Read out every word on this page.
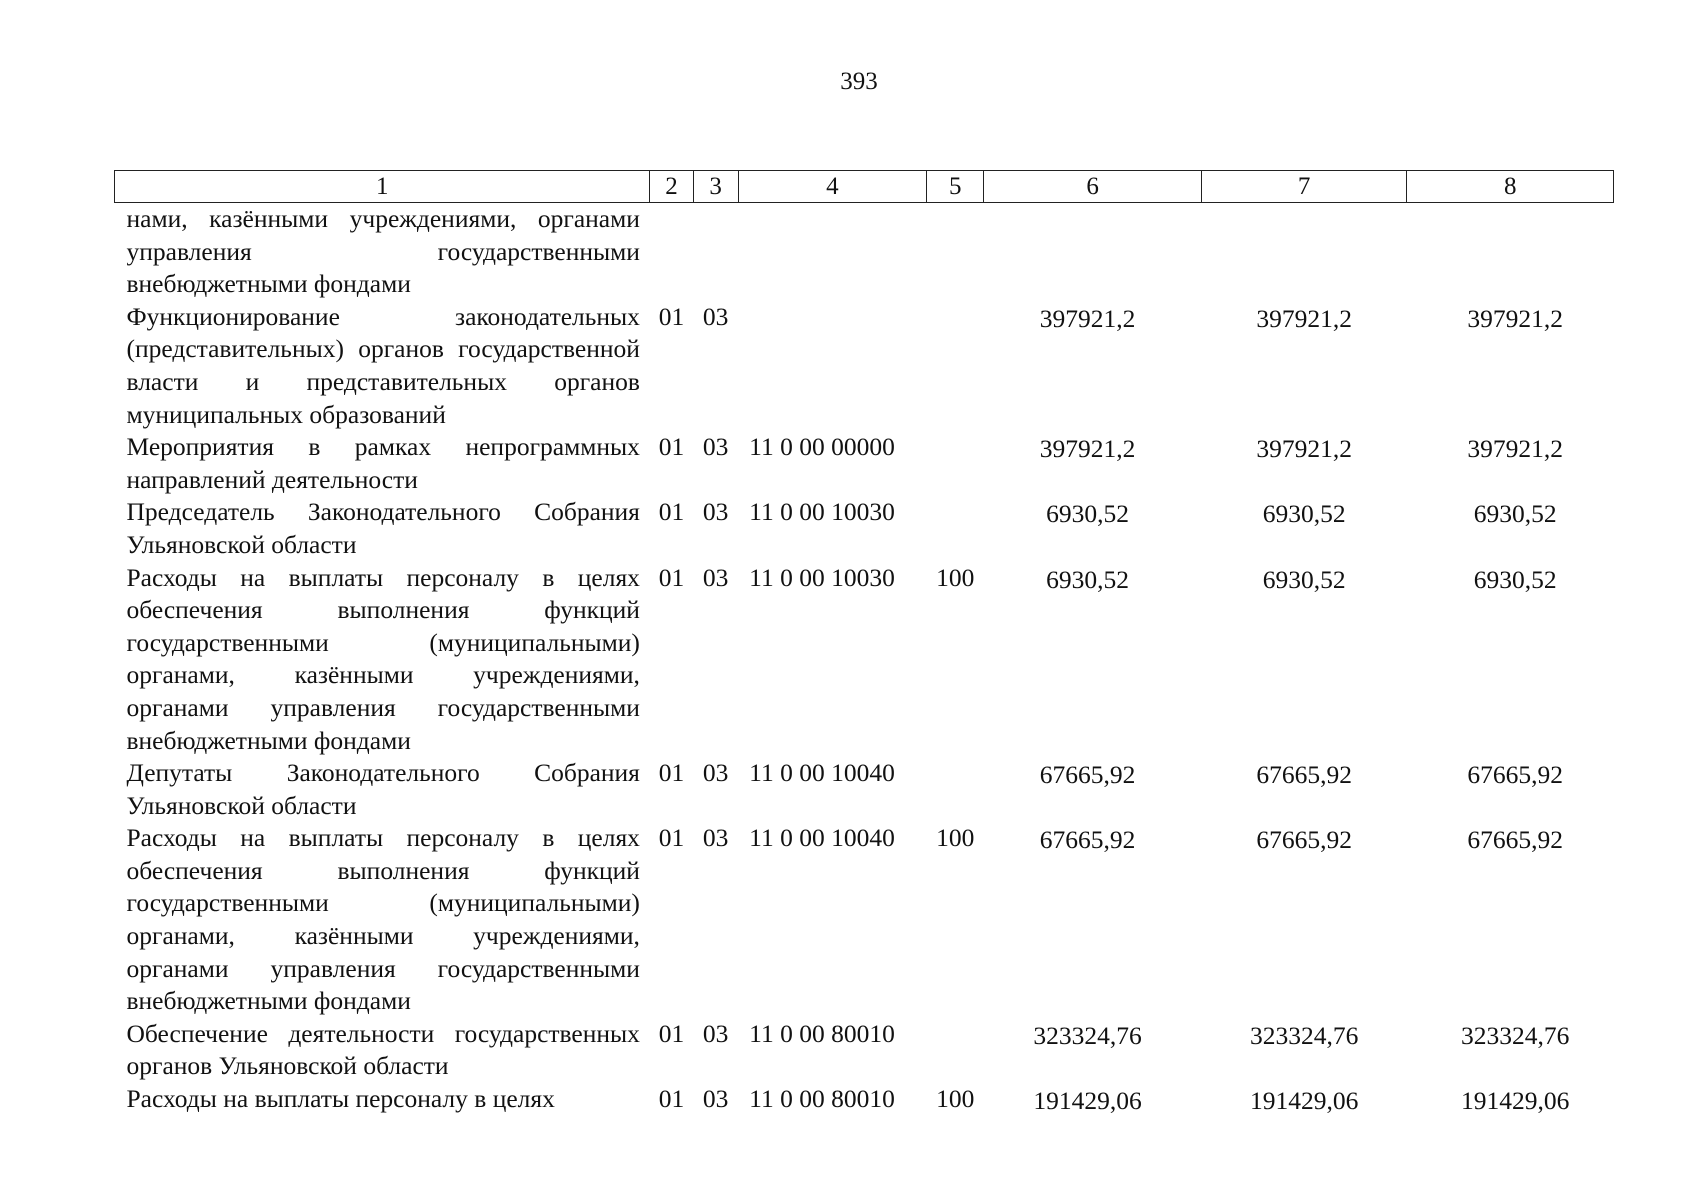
393
1	2	3	4	5	6	7	8
нами, казёнными учреждениями, органами управления государственными внебюджетными фондами							
Функционирование законодательных (представительных) органов государственной власти и представительных органов муниципальных образований	01	03			397921,2	397921,2	397921,2
Мероприятия в рамках непрограммных направлений деятельности	01	03	11 0 00 00000		397921,2	397921,2	397921,2
Председатель Законодательного Собрания Ульяновской области	01	03	11 0 00 10030		6930,52	6930,52	6930,52
Расходы на выплаты персоналу в целях обеспечения выполнения функций государственными (муниципальными) органами, казёнными учреждениями, органами управления государственными внебюджетными фондами	01	03	11 0 00 10030	100	6930,52	6930,52	6930,52
Депутаты Законодательного Собрания Ульяновской области	01	03	11 0 00 10040		67665,92	67665,92	67665,92
Расходы на выплаты персоналу в целях обеспечения выполнения функций государственными (муниципальными) органами, казёнными учреждениями, органами управления государственными внебюджетными фондами	01	03	11 0 00 10040	100	67665,92	67665,92	67665,92
Обеспечение деятельности государственных органов Ульяновской области	01	03	11 0 00 80010		323324,76	323324,76	323324,76
Расходы на выплаты персоналу в целях	01	03	11 0 00 80010	100	191429,06	191429,06	191429,06
